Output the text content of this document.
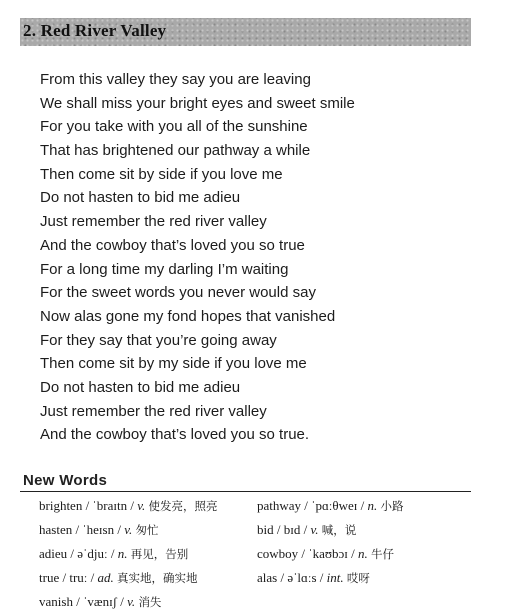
2. Red River Valley
From this valley they say you are leaving
We shall miss your bright eyes and sweet smile
For you take with you all of the sunshine
That has brightened our pathway a while
Then come sit by side if you love me
Do not hasten to bid me adieu
Just remember the red river valley
And the cowboy that’s loved you so true
For a long time my darling I’m waiting
For the sweet words you never would say
Now alas gone my fond hopes that vanished
For they say that you’re going away
Then come sit by my side if you love me
Do not hasten to bid me adieu
Just remember the red river valley
And the cowboy that’s loved you so true.
New Words
brighten / ˈbraɪtn / v. 使发亮，照亮	pathway / ˈpɑːθweɪ / n. 小路
hasten / ˈheɪsn / v. 匆忙	bid / bɪd / v. 喊，说
adieu / əˈdjuː / n. 再见，告别	cowboy / ˈkaʊbɔɪ / n. 牛仔
true / truː / ad. 真实地，确实地	alas / əˈlɑːs / int. 哎呀
vanish / ˈvænɪʃ / v. 消失
